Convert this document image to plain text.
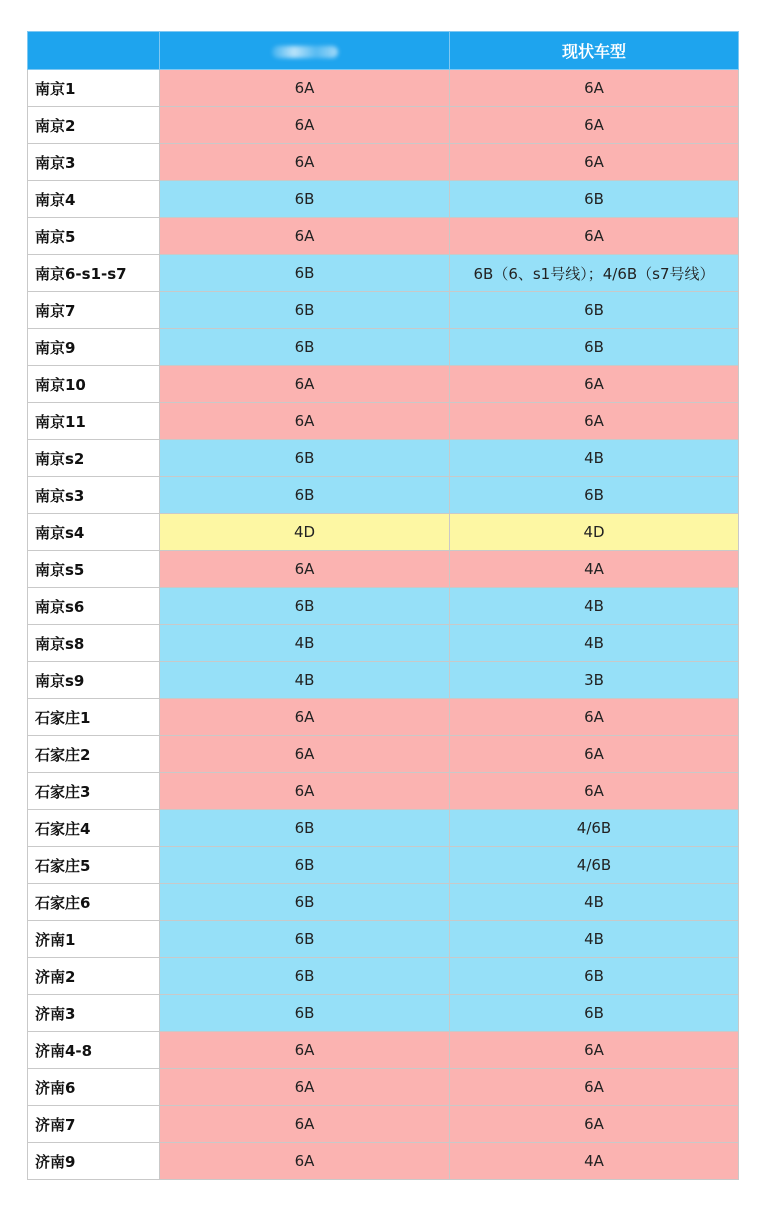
		现状车型
南京1	6A	6A
南京2	6A	6A
南京3	6A	6A
南京4	6B	6B
南京5	6A	6A
南京6-s1-s7	6B	6B（6、s1号线）；4/6B（s7号线）
南京7	6B	6B
南京9	6B	6B
南京10	6A	6A
南京11	6A	6A
南京s2	6B	4B
南京s3	6B	6B
南京s4	4D	4D
南京s5	6A	4A
南京s6	6B	4B
南京s8	4B	4B
南京s9	4B	3B
石家庄1	6A	6A
石家庄2	6A	6A
石家庄3	6A	6A
石家庄4	6B	4/6B
石家庄5	6B	4/6B
石家庄6	6B	4B
济南1	6B	4B
济南2	6B	6B
济南3	6B	6B
济南4-8	6A	6A
济南6	6A	6A
济南7	6A	6A
济南9	6A	4A
